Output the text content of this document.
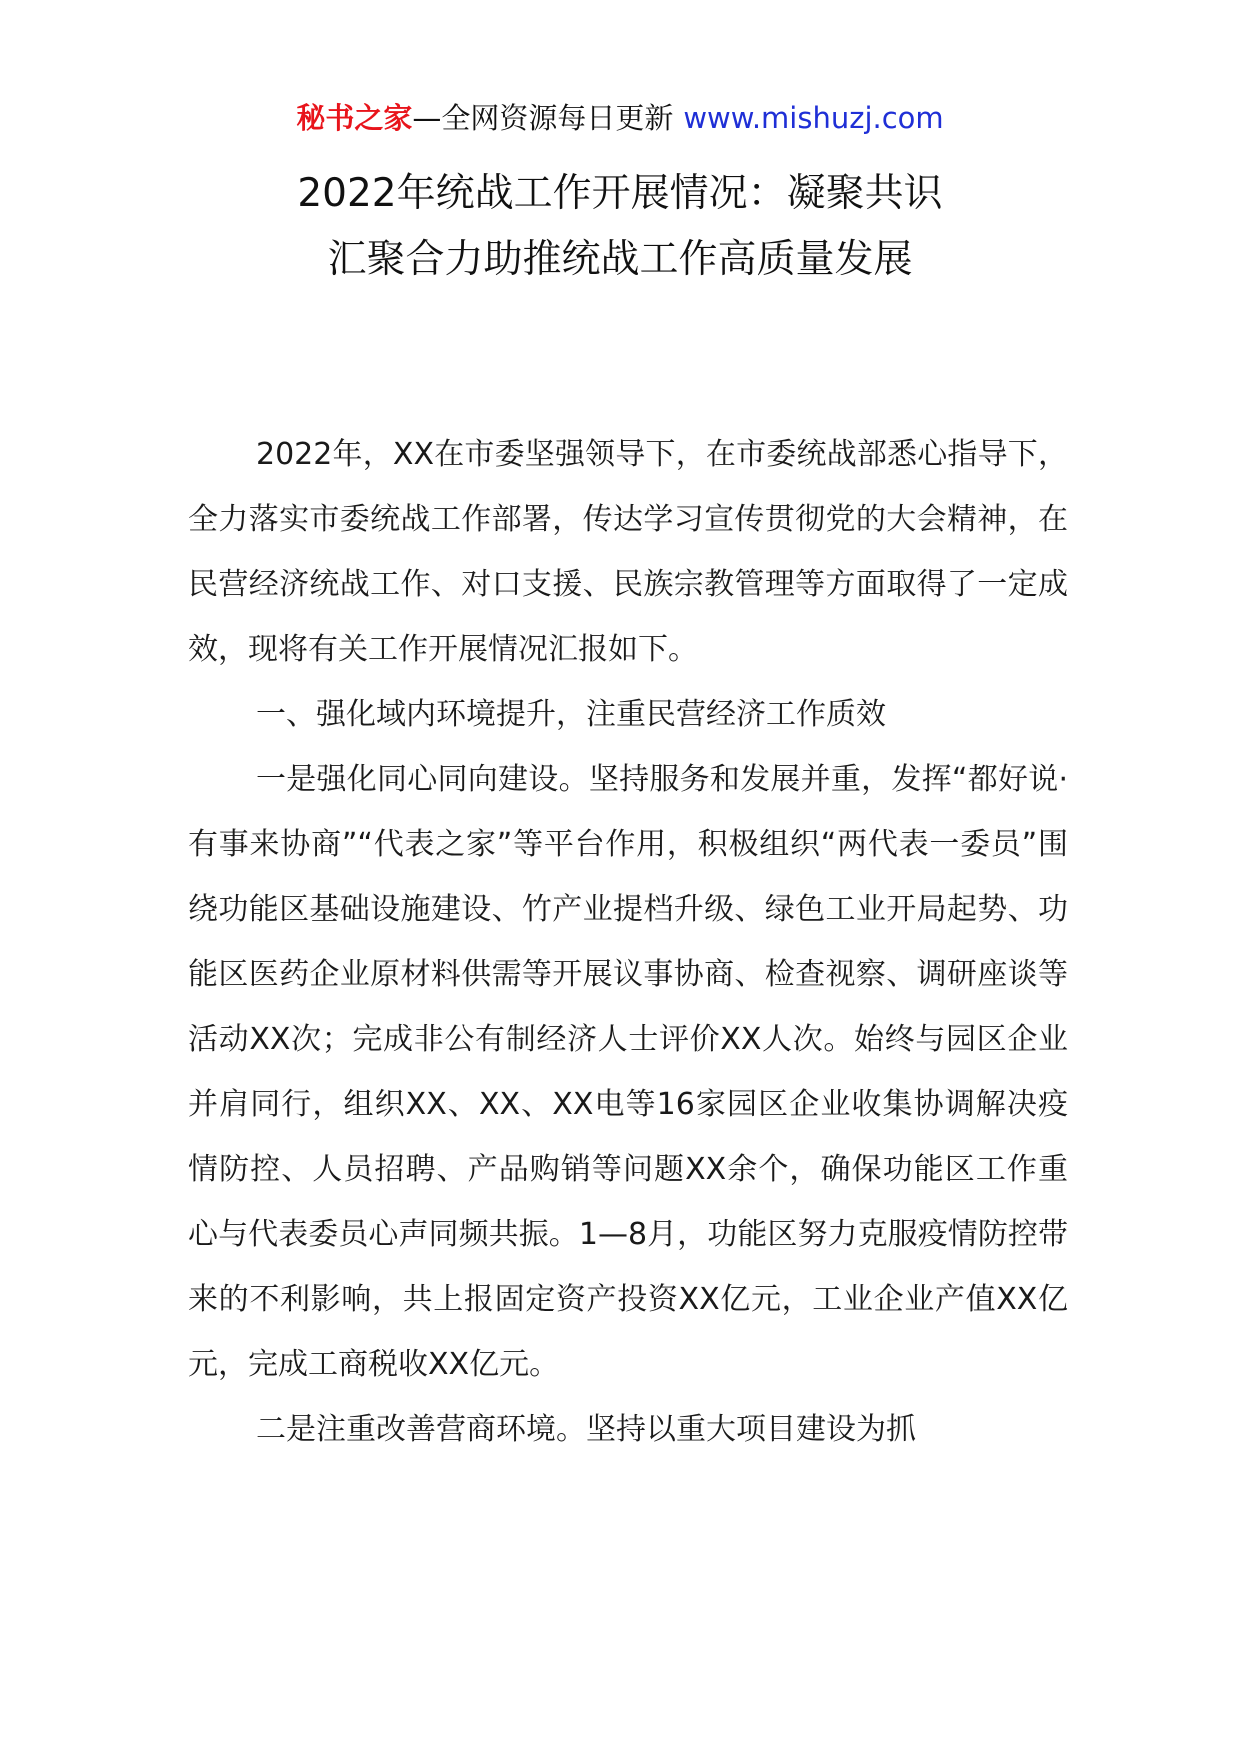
秘书之家—全网资源每日更新 www.mishuzj.com
2022年统战工作开展情况：凝聚共识
汇聚合力助推统战工作高质量发展

2022年，XX在市委坚强领导下，在市委统战部悉心指导下，全力落实市委统战工作部署，传达学习宣传贯彻党的大会精神，在民营经济统战工作、对口支援、民族宗教管理等方面取得了一定成效，现将有关工作开展情况汇报如下。

一、强化域内环境提升，注重民营经济工作质效

一是强化同心同向建设。坚持服务和发展并重，发挥“都好说·有事来协商”“代表之家”等平台作用，积极组织“两代表一委员”围绕功能区基础设施建设、竹产业提档升级、绿色工业开局起势、功能区医药企业原材料供需等开展议事协商、检查视察、调研座谈等活动XX次；完成非公有制经济人士评价XX人次。始终与园区企业并肩同行，组织XX、XX、XX电等16家园区企业收集协调解决疫情防控、人员招聘、产品购销等问题XX余个，确保功能区工作重心与代表委员心声同频共振。1—8月，功能区努力克服疫情防控带来的不利影响，共上报固定资产投资XX亿元，工业企业产值XX亿元，完成工商税收XX亿元。

二是注重改善营商环境。坚持以重大项目建设为抓
